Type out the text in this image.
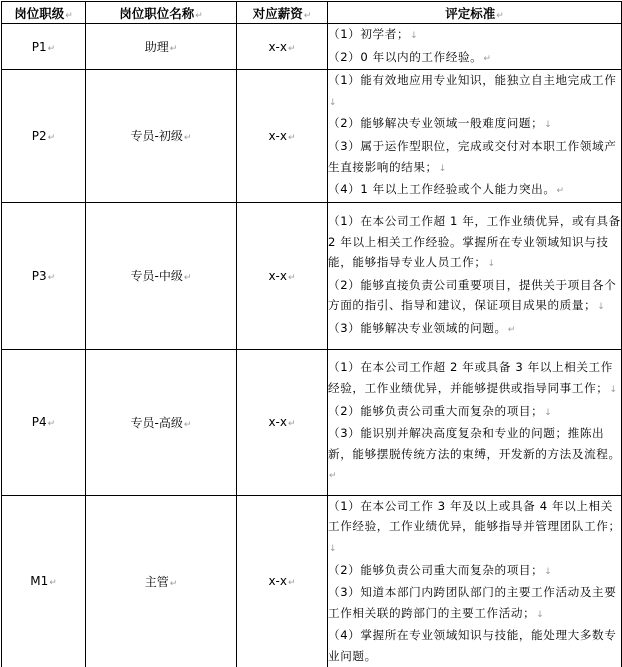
岗位职级↵	岗位职位名称↵	对应薪资↵	评定标准↵
P1↵	助理↵	x-x↵	（1）初学者；↓
（2）0 年以内的工作经验。↵

P2↵	专员-初级↵	x-x↵	（1）能有效地应用专业知识，能独立自主地完成工作↓
（2）能够解决专业领域一般难度问题；↓
（3）属于运作型职位，完成或交付对本职工作领域产生直接影响的结果；↓
（4）1 年以上工作经验或个人能力突出。↵

P3↵	专员-中级↵	x-x↵	（1）在本公司工作超 1 年，工作业绩优异，或有具备 2 年以上相关工作经验。掌握所在专业领域知识与技能，能够指导专业人员工作；↓
（2）能够直接负责公司重要项目，提供关于项目各个方面的指引、指导和建议，保证项目成果的质量；↓
（3）能够解决专业领域的问题。↵

P4↵	专员-高级↵	x-x↵	（1）在本公司工作超 2 年或具备 3 年以上相关工作经验，工作业绩优异，并能够提供或指导同事工作；↓
（2）能够负责公司重大而复杂的项目；↓
（3）能识别并解决高度复杂和专业的问题；推陈出新，能够摆脱传统方法的束缚，开发新的方法及流程。↵

M1↵	主管↵	x-x↵	（1）在本公司工作 3 年及以上或具备 4 年以上相关工作经验，工作业绩优异，能够指导并管理团队工作；↓
（2）能够负责公司重大而复杂的项目；↓
（3）知道本部门内跨团队部门的主要工作活动及主要工作相关联的跨部门的主要工作活动；↓
（4）掌握所在专业领域知识与技能，能处理大多数专业问题。
